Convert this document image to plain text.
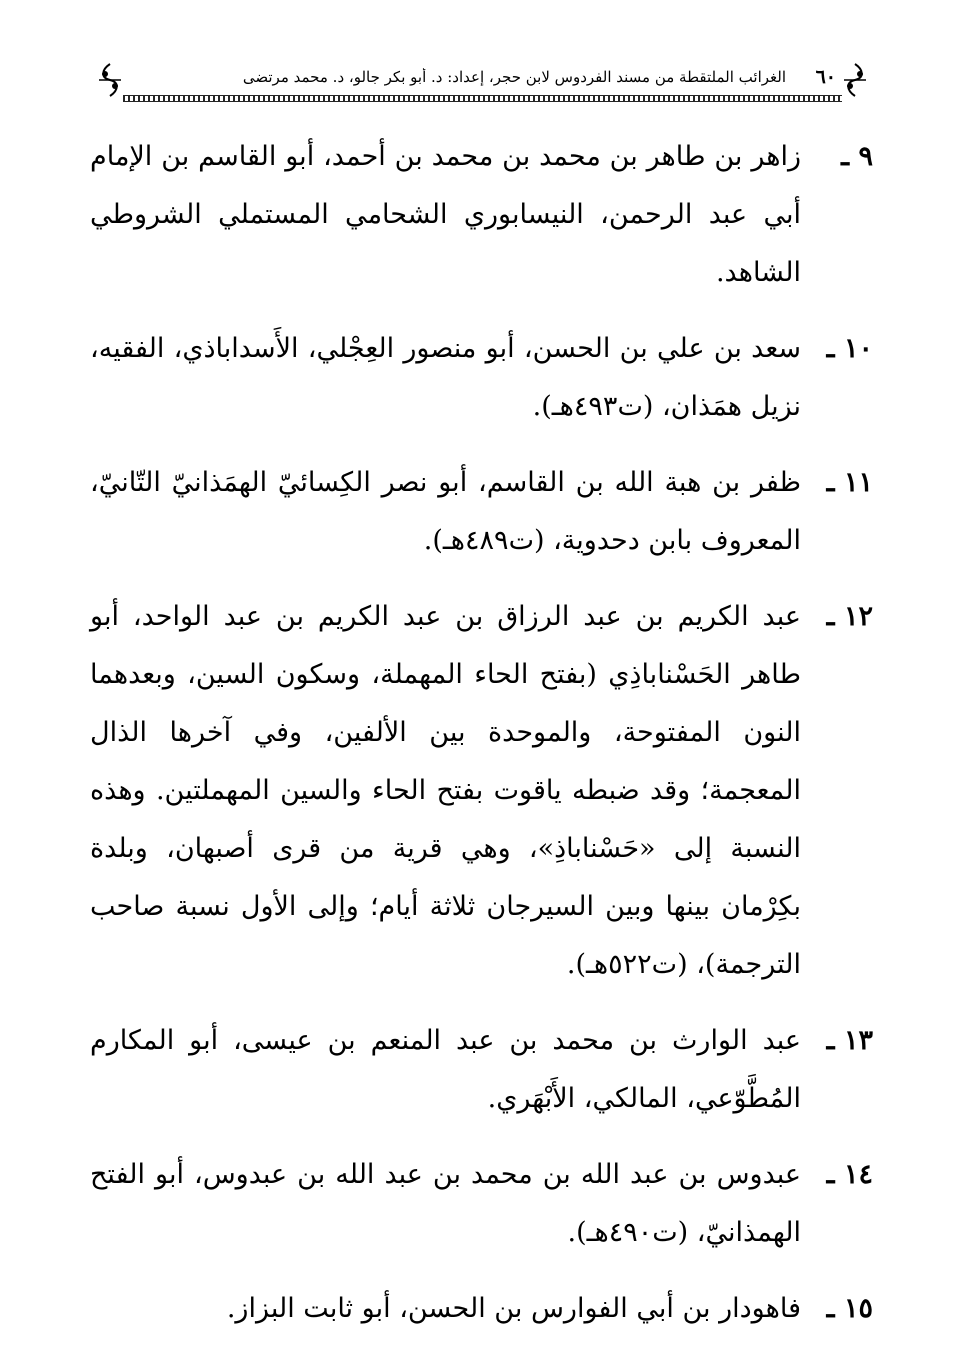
الغرائب الملتقطة من مسند الفردوس لابن حجر، إعداد: د. أبو بكر جالو، د. محمد مرتضى ٦٠
٩ ـ
زاهر بن طاهر بن محمد بن محمد بن أحمد، أبو القاسم بن الإمام أبي عبد الرحمن، النيسابوري الشحامي المستملي الشروطي الشاهد.
١٠ ـ
سعد بن علي بن الحسن، أبو منصور العِجْلي، الأَسداباذي، الفقيه، نزيل همَذان، (ت٤٩٣هـ).
١١ ـ
ظفر بن هبة الله بن القاسم، أبو نصر الكِسائيّ الهمَذانيّ التّانيّ، المعروف بابن دحدوية، (ت٤٨٩هـ).
١٢ ـ
عبد الكريم بن عبد الرزاق بن عبد الكريم بن عبد الواحد، أبو طاهر الحَسْناباذِي (بفتح الحاء المهملة، وسكون السين، وبعدهما النون المفتوحة، والموحدة بين الألفين، وفي آخرها الذال المعجمة؛ وقد ضبطه ياقوت بفتح الحاء والسين المهملتين. وهذه النسبة إلى «حَسْناباذِ»، وهي قرية من قرى أصبهان، وبلدة بكِرْمان بينها وبين السيرجان ثلاثة أيام؛ وإلى الأول نسبة صاحب الترجمة)، (ت٥٢٢هـ).
١٣ ـ
عبد الوارث بن محمد بن عبد المنعم بن عيسى، أبو المكارم المُطَّوّعي، المالكي، الأَبْهَري.
١٤ ـ
عبدوس بن عبد الله بن محمد بن عبد الله بن عبدوس، أبو الفتح الهمذانيّ، (ت٤٩٠هـ).
١٥ ـ
فاهودار بن أبي الفوارس بن الحسن، أبو ثابت البزاز.
